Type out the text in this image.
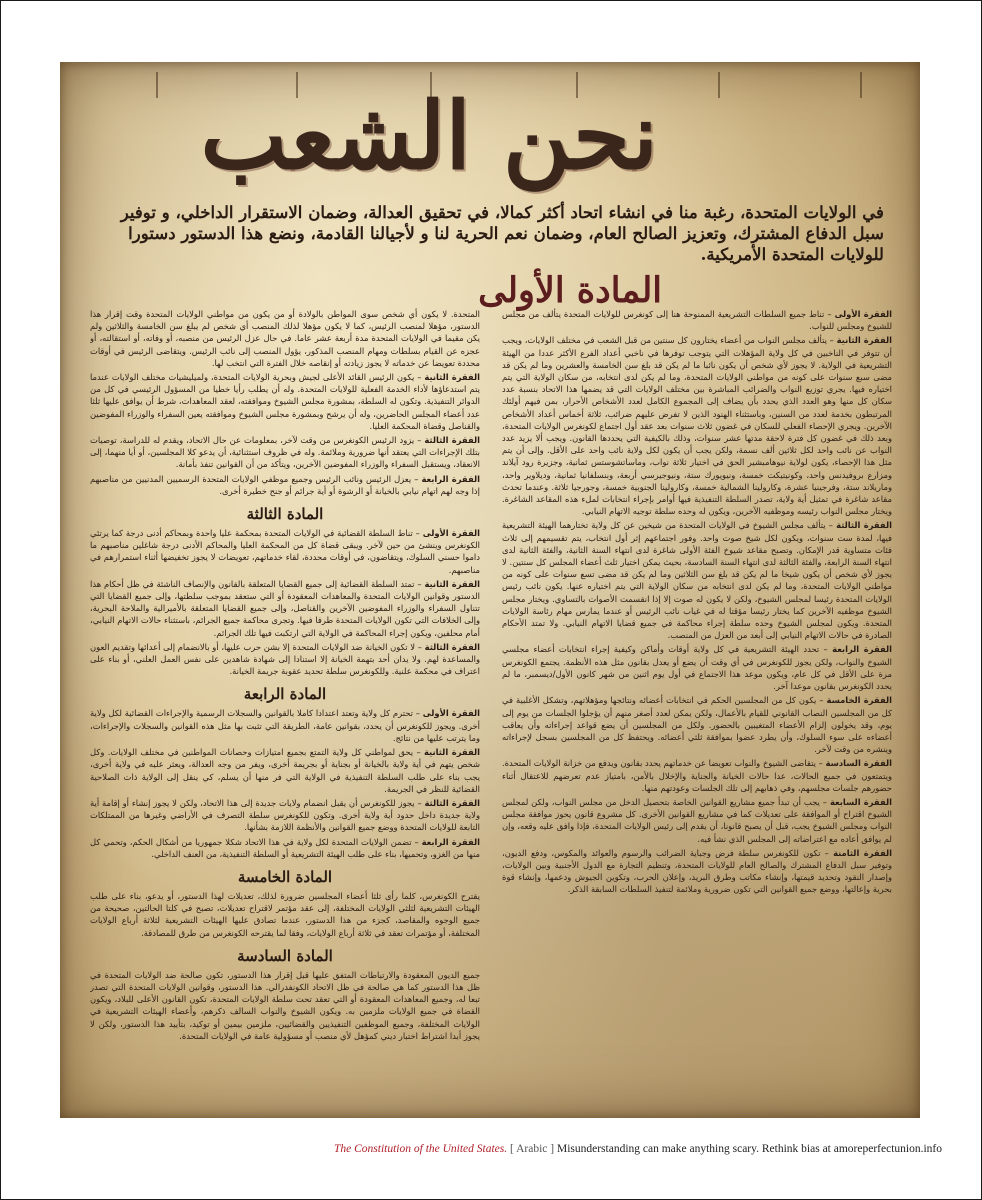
نحن الشعب
في الولايات المتحدة، رغبة منا في انشاء اتحاد أكثر كمالا، في تحقيق العدالة، وضمان الاستقرار الداخلي، و توفير سبل الدفاع المشترك، وتعزيز الصالح العام، وضمان نعم الحرية لنا و لأجيالنا القادمة، ونضع هذا الدستور دستورا للولايات المتحدة الأمريكية.
المادة الأولى

الفقرة الأولى – تناط جميع السلطات التشريعية الممنوحة هنا إلى كونغرس للولايات المتحدة يتألف من مجلس للشيوخ ومجلس للنواب.

الفقرة الثانية – يتألف مجلس النواب من أعضاء يختارون كل سنتين من قبل الشعب في مختلف الولايات، ويجب أن تتوفر في الناخبين في كل ولاية المؤهلات التي يتوجب توفرها في ناخبي أعداد الفرع الأكثر عددا من الهيئة التشريعية في الولاية. لا يجوز لأي شخص أن يكون نائبا ما لم يكن قد بلغ سن الخامسة والعشرين وما لم يكن قد مضى سبع سنوات على كونه من مواطني الولايات المتحدة، وما لم يكن لدى انتخابه، من سكان الولاية التي يتم اختياره فيها. يجري توزيع النواب والضرائب المباشرة بين مختلف الولايات التي قد يضمها هذا الاتحاد بنسبة عدد سكان كل منها وهو العدد الذي يحدد بأن يضاف إلى المجموع الكامل لعدد الأشخاص الأحرار، بمن فيهم أولئك المرتبطون بخدمة لعدد من السنين، وباستثناء الهنود الذين لا تفرض عليهم ضرائب، ثلاثة أخماس أعداد الأشخاص الآخرين. ويجري الإحصاء الفعلي للسكان في غضون ثلاث سنوات بعد عقد أول اجتماع لكونغرس الولايات المتحدة، وبعد ذلك في غضون كل فترة لاحقة مدتها عشر سنوات، وذلك بالكيفية التي يحددها القانون. ويجب ألا يزيد عدد النواب عن نائب واحد لكل ثلاثين ألف نسمة، ولكن يجب أن يكون لكل ولاية نائب واحد على الأقل. وإلى أن يتم مثل هذا الإحصاء، يكون لولاية نيوهامبشير الحق في اختيار ثلاثة نواب، وماساتشوستس ثمانية، وجزيرة رود آيلاند ومزارع بروفيدنس واحد، وكونيتيكت خمسة، ونيويورك ستة، ونيوجيرسي أربعة، وبنسلفانيا ثمانية، وديلاوير واحد، وماريلاند ستة، وفرجينيا عشرة، وكارولينا الشمالية خمسة، وكارولينا الجنوبية خمسة، وجورجيا ثلاثة. وعندما تحدث مقاعد شاغرة في تمثيل أية ولاية، تصدر السلطة التنفيذية فيها أوامر بإجراء انتخابات لملء هذه المقاعد الشاغرة. ويختار مجلس النواب رئيسه وموظفيه الآخرين، ويكون له وحده سلطة توجيه الاتهام النيابي.

الفقرة الثالثة – يتألف مجلس الشيوخ في الولايات المتحدة من شيخين عن كل ولاية تختارهما الهيئة التشريعية فيها، لمدة ست سنوات، ويكون لكل شيخ صوت واحد. وفور اجتماعهم إثر أول انتخاب، يتم تقسيمهم إلى ثلاث فئات متساوية قدر الإمكان. وتصبح مقاعد شيوخ الفئة الأولى شاغرة لدى انتهاء السنة الثانية، والفئة الثانية لدى انتهاء السنة الرابعة، والفئة الثالثة لدى انتهاء السنة السادسة، بحيث يمكن اختيار ثلث أعضاء المجلس كل سنتين. لا يجوز لأي شخص أن يكون شيخا ما لم يكن قد بلغ سن الثلاثين وما لم يكن قد مضى تسع سنوات على كونه من مواطني الولايات المتحدة، وما لم يكن لدى انتخابه من سكان الولاية التي يتم اختياره عنها. يكون نائب رئيس الولايات المتحدة رئيسا لمجلس الشيوخ، ولكن لا يكون له صوت إلا إذا انقسمت الأصوات بالتساوي. ويختار مجلس الشيوخ موظفيه الآخرين كما يختار رئيسا مؤقتا له في غياب نائب الرئيس أو عندما يمارس مهام رئاسة الولايات المتحدة. ويكون لمجلس الشيوخ وحده سلطة إجراء محاكمة في جميع قضايا الاتهام النيابي. ولا تمتد الأحكام الصادرة في حالات الاتهام النيابي إلى أبعد من العزل من المنصب.

الفقرة الرابعة – تحدد الهيئة التشريعية في كل ولاية أوقات وأماكن وكيفية إجراء انتخابات أعضاء مجلسي الشيوخ والنواب، ولكن يجوز للكونغرس في أي وقت أن يضع أو يعدل بقانون مثل هذه الأنظمة. يجتمع الكونغرس مرة على الأقل في كل عام، ويكون موعد هذا الاجتماع في أول يوم اثنين من شهر كانون الأول/ديسمبر، ما لم يحدد الكونغرس بقانون موعدا آخر.

الفقرة الخامسة – يكون كل من المجلسين الحكم في انتخابات أعضائه ونتائجها ومؤهلاتهم، وتشكل الأغلبية في كل من المجلسين النصاب القانوني للقيام بالأعمال، ولكن يمكن لعدد أصغر منهم أن يؤجلوا الجلسات من يوم إلى يوم، وقد يخولون إلزام الأعضاء المتغيبين بالحضور. ولكل من المجلسين أن يضع قواعد إجراءاته وأن يعاقب أعضاءه على سوء السلوك، وأن يطرد عضوا بموافقة ثلثي أعضائه. ويحتفظ كل من المجلسين بسجل لإجراءاته وينشره من وقت لآخر.

الفقرة السادسة – يتقاضى الشيوخ والنواب تعويضا عن خدماتهم يحدد بقانون ويدفع من خزانة الولايات المتحدة. ويتمتعون في جميع الحالات، عدا حالات الخيانة والجناية والإخلال بالأمن، بامتياز عدم تعرضهم للاعتقال أثناء حضورهم جلسات مجلسهم، وفي ذهابهم إلى تلك الجلسات وعودتهم منها.

الفقرة السابعة – يجب أن تبدأ جميع مشاريع القوانين الخاصة بتحصيل الدخل من مجلس النواب، ولكن لمجلس الشيوخ اقتراح أو الموافقة على تعديلات كما في مشاريع القوانين الأخرى. كل مشروع قانون يحوز موافقة مجلس النواب ومجلس الشيوخ يجب، قبل أن يصبح قانونا، أن يقدم إلى رئيس الولايات المتحدة، فإذا وافق عليه وقعه، وإن لم يوافق أعاده مع اعتراضاته إلى المجلس الذي نشأ فيه.

الفقرة الثامنة – تكون للكونغرس سلطة فرض وجباية الضرائب والرسوم والعوائد والمكوس، ودفع الديون، وتوفير سبل الدفاع المشترك والصالح العام للولايات المتحدة، وتنظيم التجارة مع الدول الأجنبية وبين الولايات، وإصدار النقود وتحديد قيمتها، وإنشاء مكاتب وطرق البريد، وإعلان الحرب، وتكوين الجيوش ودعمها، وإنشاء قوة بحرية وإعالتها، ووضع جميع القوانين التي تكون ضرورية وملائمة لتنفيذ السلطات السابقة الذكر.

المتحدة. لا يكون أي شخص سوى المواطن بالولادة أو من يكون من مواطني الولايات المتحدة وقت إقرار هذا الدستور، مؤهلا لمنصب الرئيس، كما لا يكون مؤهلا لذلك المنصب أي شخص لم يبلغ سن الخامسة والثلاثين ولم يكن مقيما في الولايات المتحدة مدة أربعة عشر عاما. في حال عزل الرئيس من منصبه، أو وفاته، أو استقالته، أو عجزه عن القيام بسلطات ومهام المنصب المذكور، يؤول المنصب إلى نائب الرئيس. ويتقاضى الرئيس في أوقات محددة تعويضا عن خدماته لا يجوز زيادته أو إنقاصه خلال الفترة التي انتخب لها.

الفقرة الثانية – يكون الرئيس القائد الأعلى لجيش وبحرية الولايات المتحدة، ولميليشيات مختلف الولايات عندما يتم استدعاؤها لأداء الخدمة الفعلية للولايات المتحدة. وله أن يطلب رأيا خطيا من المسؤول الرئيسي في كل من الدوائر التنفيذية. وتكون له السلطة، بمشورة مجلس الشيوخ وموافقته، لعقد المعاهدات، شرط أن يوافق عليها ثلثا عدد أعضاء المجلس الحاضرين، وله أن يرشح وبمشورة مجلس الشيوخ وموافقته يعين السفراء والوزراء المفوضين والقناصل وقضاة المحكمة العليا.

الفقرة الثالثة – يزود الرئيس الكونغرس من وقت لآخر، بمعلومات عن حال الاتحاد، ويقدم له للدراسة، توصيات بتلك الإجراءات التي يعتقد أنها ضرورية وملائمة. وله في ظروف استثنائية، أن يدعو كلا المجلسين، أو أيا منهما، إلى الانعقاد، ويستقبل السفراء والوزراء المفوضين الآخرين، ويتأكد من أن القوانين تنفذ بأمانة.

الفقرة الرابعة – يعزل الرئيس ونائب الرئيس وجميع موظفي الولايات المتحدة الرسميين المدنيين من مناصبهم إذا وجه لهم اتهام نيابي بالخيانة أو الرشوة أو أية جرائم أو جنح خطيرة أخرى.

المادة الثالثة

الفقرة الأولى – تناط السلطة القضائية في الولايات المتحدة بمحكمة عليا واحدة وبمحاكم أدنى درجة كما يرتئي الكونغرس وينشئ من حين لآخر. ويبقى قضاة كل من المحكمة العليا والمحاكم الأدنى درجة شاغلين مناصبهم ما داموا حسني السلوك، ويتقاضون، في أوقات محددة، لقاء خدماتهم، تعويضات لا يجوز تخفيضها أثناء استمرارهم في مناصبهم.

الفقرة الثانية – تمتد السلطة القضائية إلى جميع القضايا المتعلقة بالقانون والإنصاف الناشئة في ظل أحكام هذا الدستور وقوانين الولايات المتحدة والمعاهدات المعقودة أو التي ستعقد بموجب سلطتها، وإلى جميع القضايا التي تتناول السفراء والوزراء المفوضين الآخرين والقناصل، وإلى جميع القضايا المتعلقة بالأميرالية والملاحة البحرية، وإلى الخلافات التي تكون الولايات المتحدة طرفا فيها. وتجرى محاكمة جميع الجرائم، باستثناء حالات الاتهام النيابي، أمام محلفين، ويكون إجراء المحاكمة في الولاية التي ارتكبت فيها تلك الجرائم.

الفقرة الثالثة – لا تكون الخيانة ضد الولايات المتحدة إلا بشن حرب عليها، أو بالانضمام إلى أعدائها وتقديم العون والمساعدة لهم. ولا يدان أحد بتهمة الخيانة إلا استنادا إلى شهادة شاهدين على نفس العمل العلني، أو بناء على اعتراف في محكمة علنية. وللكونغرس سلطة تحديد عقوبة جريمة الخيانة.

المادة الرابعة

الفقرة الأولى – تحترم كل ولاية وتعتد اعتدادا كاملا بالقوانين والسجلات الرسمية والإجراءات القضائية لكل ولاية أخرى. ويجوز للكونغرس أن يحدد، بقوانين عامة، الطريقة التي تثبت بها مثل هذه القوانين والسجلات والإجراءات، وما يترتب عليها من نتائج.

الفقرة الثانية – يحق لمواطني كل ولاية التمتع بجميع امتيازات وحصانات المواطنين في مختلف الولايات. وكل شخص يتهم في أية ولاية بالخيانة أو بجناية أو بجريمة أخرى، ويفر من وجه العدالة، ويعثر عليه في ولاية أخرى، يجب بناء على طلب السلطة التنفيذية في الولاية التي فر منها أن يسلم، كي ينقل إلى الولاية ذات الصلاحية القضائية للنظر في الجريمة.

الفقرة الثالثة – يجوز للكونغرس أن يقبل انضمام ولايات جديدة إلى هذا الاتحاد، ولكن لا يجوز إنشاء أو إقامة أية ولاية جديدة داخل حدود أية ولاية أخرى. وتكون للكونغرس سلطة التصرف في الأراضي وغيرها من الممتلكات التابعة للولايات المتحدة ووضع جميع القوانين والأنظمة اللازمة بشأنها.

الفقرة الرابعة – تضمن الولايات المتحدة لكل ولاية في هذا الاتحاد شكلا جمهوريا من أشكال الحكم، وتحمي كل منها من الغزو، وتحميها، بناء على طلب الهيئة التشريعية أو السلطة التنفيذية، من العنف الداخلي.

المادة الخامسة

يقترح الكونغرس، كلما رأى ثلثا أعضاء المجلسين ضرورة لذلك، تعديلات لهذا الدستور، أو يدعو، بناء على طلب الهيئات التشريعية لثلثي الولايات المختلفة، إلى عقد مؤتمر لاقتراح تعديلات، تصبح في كلتا الحالتين، صحيحة من جميع الوجوه والمقاصد، كجزء من هذا الدستور، عندما تصادق عليها الهيئات التشريعية لثلاثة أرباع الولايات المختلفة، أو مؤتمرات تعقد في ثلاثة أرباع الولايات، وفقا لما يقترحه الكونغرس من طرق للمصادقة.

المادة السادسة

جميع الديون المعقودة والارتباطات المتفق عليها قبل إقرار هذا الدستور، تكون صالحة ضد الولايات المتحدة في ظل هذا الدستور كما هي صالحة في ظل الاتحاد الكونفدرالي. هذا الدستور، وقوانين الولايات المتحدة التي تصدر تبعا له، وجميع المعاهدات المعقودة أو التي تعقد تحت سلطة الولايات المتحدة، تكون القانون الأعلى للبلاد، ويكون القضاة في جميع الولايات ملزمين به. ويكون الشيوخ والنواب السالف ذكرهم، وأعضاء الهيئات التشريعية في الولايات المختلفة، وجميع الموظفين التنفيذيين والقضائيين، ملزمين بيمين أو توكيد، بتأييد هذا الدستور، ولكن لا يجوز أبدا اشتراط اختبار ديني كمؤهل لأي منصب أو مسؤولية عامة في الولايات المتحدة.

The Constitution of the United States. [ Arabic ] Misunderstanding can make anything scary. Rethink bias at amoreperfectunion.info
